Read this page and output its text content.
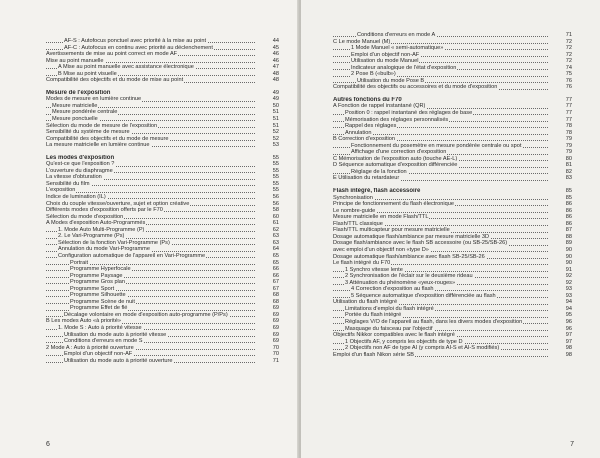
AF-S : Autofocus ponctuel avec priorité à la mise au point	44
AF-C : Autofocus en continu avec priorité au déclenchement	45
Avertissements de mise au point correct en mode AF	46
Mise au point manuelle	46
A Mise au point manuelle avec assistance électronique	47
B Mise au point visuelle	48
Compatibilité des objectifs et du mode de mise au point	48
Mesure de l'exposition	49
Modes de mesure en lumière continue	49
Mesure matricielle	50
Mesure pondérée centrale	51
Mesure ponctuelle	51
Sélection du mode de mesure de l'exposition	51
Sensibilité du système de mesure	52
Compatibilité des objectifs et du mode de mesure	52
La mesure matricielle en lumière continue	53
Les modes d'exposition	55
Qu'est-ce que l'exposition ?	55
L'ouverture du diaphragme	55
La vitesse d'obturation	55
Sensibilité du film	55
L'exposition	55
Indice de lumination (IL)	56
Choix du couple vitesse/ouverture, sujet et option créative	56
Différents modes d'exposition offerts par le F70	58
Sélection du mode d'exposition	60
A Modes d'exposition Auto-Programmés	61
1. Mode Auto Multi-Programme (P)	62
2. Le Vari-Programme (Ps)	63
Sélection de la fonction Vari-Programme (Ps)	63
Annulation du mode Vari-Programme	64
Configuration automatique de l'appareil en Vari-Programme	65
Portrait	65
Programme Hyperfocale	66
Programme Paysage	66
Programme Gros plan	67
Programme Sport	67
Programme Silhouette	68
Programme Scène de nuit	68
Programme Effet de flé	69
Décalage volontaire en mode d'exposition auto-programme (P/Ps)	69
B Les modes Auto «à priorité»	69
1. Mode S : Auto à priorité vitesse	69
Utilisation du mode auto à priorité vitesse	69
Conditions d'erreurs en mode S	69
2 Mode A : Auto à priorité ouverture	70
Emploi d'un objectif non-AF	70
Utilisation du mode auto à priorité ouverture	71
6
Conditions d'erreurs en mode A	71
C Le mode Manuel (M)	72
1 Mode Manuel « semi-automatique»	72
Emploi d'un objectif non-AF	72
Utilisation du mode Manuel	72
Indicateur analogique de l'état d'exposition	74
2 Pose B («bulb»)	75
Utilisation du mode Pose B	76
Compatibilité des objectifs ou accessoires et du mode d'exposition	76
Autres fonctions du F70	77
A Fonction de rappel instantané (QR)	77
Position 0 : rappel instantané des réglages de base	77
Mémorisation des réglages personnalisés	77
Rappel des réglages	78
Annulation	78
B Correction d'exposition	79
Fonctionnement du posemètre en mesure pondérée centrale ou spot	79
Affichage d'une correction d'exposition	79
C Mémorisation de l'exposition auto (touche AE-L)	80
D Séquence automatique d'exposition différenciée	81
Réglage de la fonction	82
E Utilisation du retardateur	83
Flash intégré, flash accessoire	85
Synchronisation	85
Principe de fonctionnement du flash électronique	86
Le nombre-guide	86
Mesure matricielle en mode Flash/TTL	86
Flash/TTL classique	86
Flash/TTL multicapteur pour mesure matricielle	87
Dosage automatique flash/ambiance par mesure matricielle 3D	88
Dosage flash/ambiance avec le flash SB accessoire (ou SB-25/SB-26)	89
avec emploi d'un objectif non «type D»	90
Dosage automatique flash/ambiance avec flash SB-25/SB-26	90
Le flash intégré du F70	90
1 Synchro vitesse lente	91
2 Synchronisation de l'éclair sur le deuxième rideau	92
3 Atténuation du phénomène «yeux-rouges»	92
4 Correction d'exposition au flash	93
5 Séquence automatique d'exposition différenciée au flash	93
Utilisation du flash intégré	94
Limitations d'emploi du flash intégré	94
Portée du flash intégré	95
Réglages V/O de l'appareil au flash, dans les divers modes d'exposition	96
Masquage du faisceau par l'objectif	96
Objectifs Nikkor compatibles avec le flash intégré	97
1 Objectifs AF, y compris les objectifs de type D	97
2 Objectifs non AF de type AI (y compris AI-S et AI-S modifiés)	98
Emploi d'un flash Nikon série SB	98
7
